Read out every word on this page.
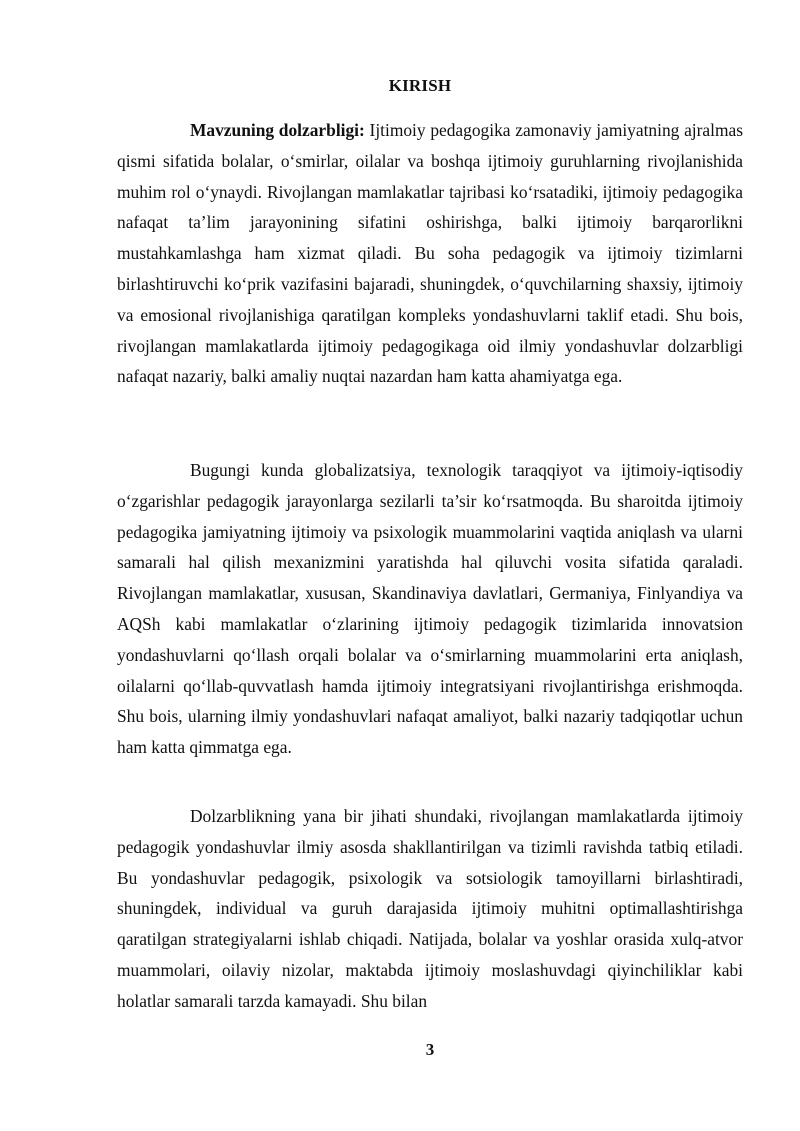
KIRISH

Mavzuning dolzarbligi: Ijtimoiy pedagogika zamonaviy jamiyatning ajralmas qismi sifatida bolalar, o‘smirlar, oilalar va boshqa ijtimoiy guruhlarning rivojlanishida muhim rol o‘ynaydi. Rivojlangan mamlakatlar tajribasi ko‘rsatadiki, ijtimoiy pedagogika nafaqat ta’lim jarayonining sifatini oshirishga, balki ijtimoiy barqarorlikni mustahkamlashga ham xizmat qiladi. Bu soha pedagogik va ijtimoiy tizimlarni birlashtiruvchi ko‘prik vazifasini bajaradi, shuningdek, o‘quvchilarning shaxsiy, ijtimoiy va emosional rivojlanishiga qaratilgan kompleks yondashuvlarni taklif etadi. Shu bois, rivojlangan mamlakatlarda ijtimoiy pedagogikaga oid ilmiy yondashuvlar dolzarbligi nafaqat nazariy, balki amaliy nuqtai nazardan ham katta ahamiyatga ega.

Bugungi kunda globalizatsiya, texnologik taraqqiyot va ijtimoiy-iqtisodiy o‘zgarishlar pedagogik jarayonlarga sezilarli ta’sir ko‘rsatmoqda. Bu sharoitda ijtimoiy pedagogika jamiyatning ijtimoiy va psixologik muammolarini vaqtida aniqlash va ularni samarali hal qilish mexanizmini yaratishda hal qiluvchi vosita sifatida qaraladi. Rivojlangan mamlakatlar, xususan, Skandinaviya davlatlari, Germaniya, Finlyandiya va AQSh kabi mamlakatlar o‘zlarining ijtimoiy pedagogik tizimlarida innovatsion yondashuvlarni qo‘llash orqali bolalar va o‘smirlarning muammolarini erta aniqlash, oilalarni qo‘llab-quvvatlash hamda ijtimoiy integratsiyani rivojlantirishga erishmoqda. Shu bois, ularning ilmiy yondashuvlari nafaqat amaliyot, balki nazariy tadqiqotlar uchun ham katta qimmatga ega.

Dolzarblikning yana bir jihati shundaki, rivojlangan mamlakatlarda ijtimoiy pedagogik yondashuvlar ilmiy asosda shakllantirilgan va tizimli ravishda tatbiq etiladi. Bu yondashuvlar pedagogik, psixologik va sotsiologik tamoyillarni birlashtiradi, shuningdek, individual va guruh darajasida ijtimoiy muhitni optimallashtirishga qaratilgan strategiyalarni ishlab chiqadi. Natijada, bolalar va yoshlar orasida xulq-atvor muammolari, oilaviy nizolar, maktabda ijtimoiy moslashuvdagi qiyinchiliklar kabi holatlar samarali tarzda kamayadi. Shu bilan

3
